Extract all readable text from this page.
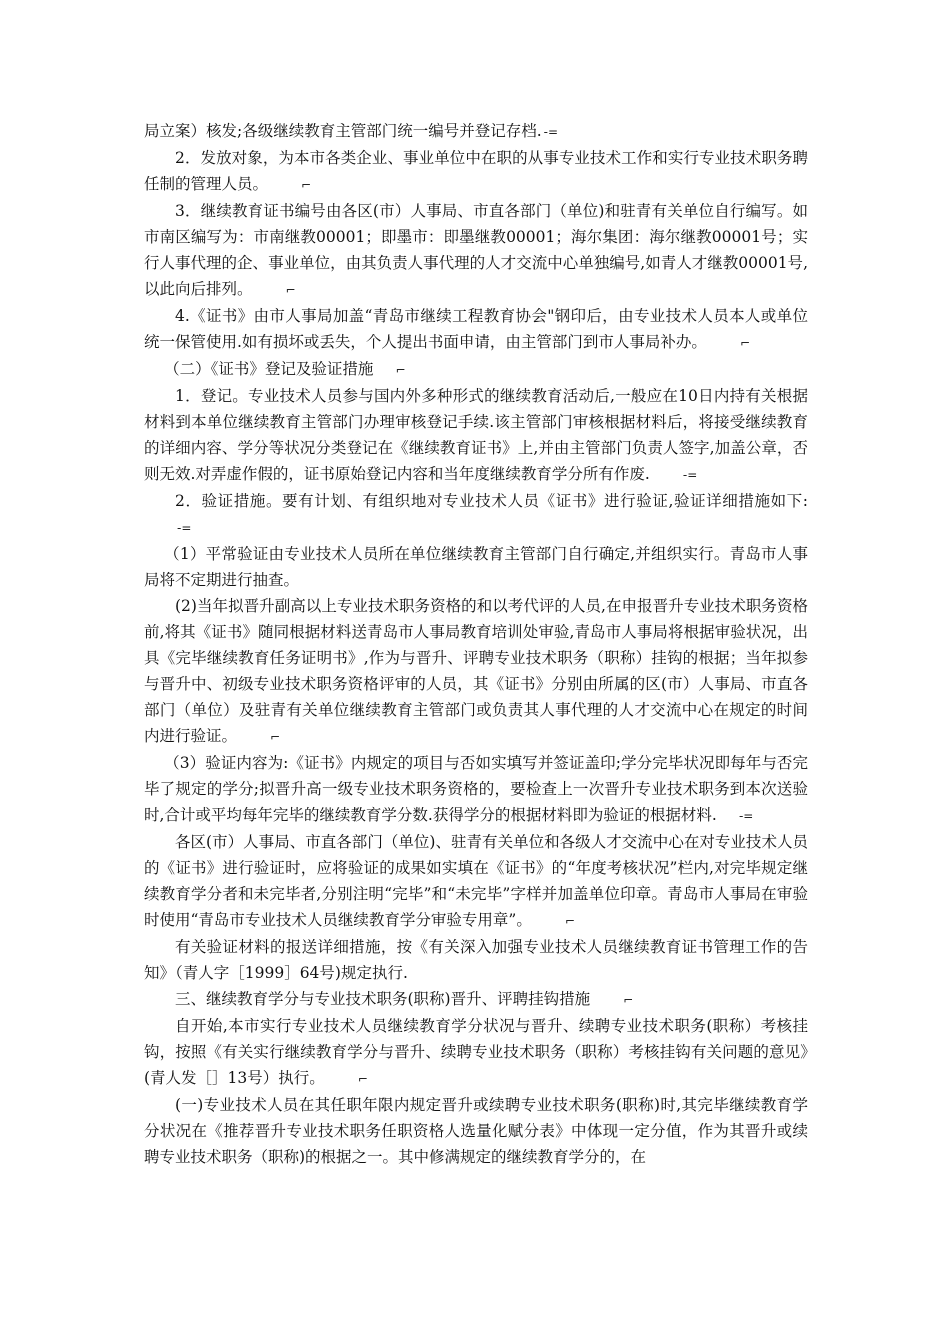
局立案）核发;各级继续教育主管部门统一编号并登记存档. -=

2．发放对象，为本市各类企业、事业单位中在职的从事专业技术工作和实行专业技术职务聘任制的管理人员。	⌐

3．继续教育证书编号由各区(市）人事局、市直各部门（单位)和驻青有关单位自行编写。如市南区编写为：市南继教00001；即墨市：即墨继教00001；海尔集团：海尔继教00001号；实行人事代理的企、事业单位，由其负责人事代理的人才交流中心单独编号,如青人才继教00001号,以此向后排列。	⌐

4.《证书》由市人事局加盖“青岛市继续工程教育协会"钢印后，由专业技术人员本人或单位统一保管使用.如有损坏或丢失，个人提出书面申请，由主管部门到市人事局补办。	⌐

（二）《证书》登记及验证措施 ⌐

1．登记。专业技术人员参与国内外多种形式的继续教育活动后,一般应在10日内持有关根据材料到本单位继续教育主管部门办理审核登记手续.该主管部门审核根据材料后，将接受继续教育的详细内容、学分等状况分类登记在《继续教育证书》上,并由主管部门负责人签字,加盖公章，否则无效.对弄虚作假的，证书原始登记内容和当年度继续教育学分所有作废.	-=

2．验证措施。要有计划、有组织地对专业技术人员《证书》进行验证,验证详细措施如下:-=

（1）平常验证由专业技术人员所在单位继续教育主管部门自行确定,并组织实行。青岛市人事局将不定期进行抽查。

(2)当年拟晋升副高以上专业技术职务资格的和以考代评的人员,在申报晋升专业技术职务资格前,将其《证书》随同根据材料送青岛市人事局教育培训处审验,青岛市人事局将根据审验状况，出具《完毕继续教育任务证明书》,作为与晋升、评聘专业技术职务（职称）挂钩的根据；当年拟参与晋升中、初级专业技术职务资格评审的人员，其《证书》分别由所属的区(市）人事局、市直各部门（单位）及驻青有关单位继续教育主管部门或负责其人事代理的人才交流中心在规定的时间内进行验证。	⌐

（3）验证内容为:《证书》内规定的项目与否如实填写并签证盖印;学分完毕状况即每年与否完毕了规定的学分;拟晋升高一级专业技术职务资格的，要检查上一次晋升专业技术职务到本次送验时,合计或平均每年完毕的继续教育学分数.获得学分的根据材料即为验证的根据材料. -=

各区(市）人事局、市直各部门（单位)、驻青有关单位和各级人才交流中心在对专业技术人员的《证书》进行验证时，应将验证的成果如实填在《证书》的“年度考核状况”栏内,对完毕规定继续教育学分者和未完毕者,分别注明“完毕”和“未完毕”字样并加盖单位印章。青岛市人事局在审验时使用“青岛市专业技术人员继续教育学分审验专用章”。	⌐

有关验证材料的报送详细措施，按《有关深入加强专业技术人员继续教育证书管理工作的告知》（青人字［1999］64号)规定执行.

三、继续教育学分与专业技术职务(职称)晋升、评聘挂钩措施	⌐

自开始,本市实行专业技术人员继续教育学分状况与晋升、续聘专业技术职务(职称）考核挂钩，按照《有关实行继续教育学分与晋升、续聘专业技术职务（职称）考核挂钩有关问题的意见》(青人发［］13号）执行。	⌐

(一)专业技术人员在其任职年限内规定晋升或续聘专业技术职务(职称)时,其完毕继续教育学分状况在《推荐晋升专业技术职务任职资格人选量化赋分表》中体现一定分值，作为其晋升或续聘专业技术职务（职称)的根据之一。其中修满规定的继续教育学分的，在
